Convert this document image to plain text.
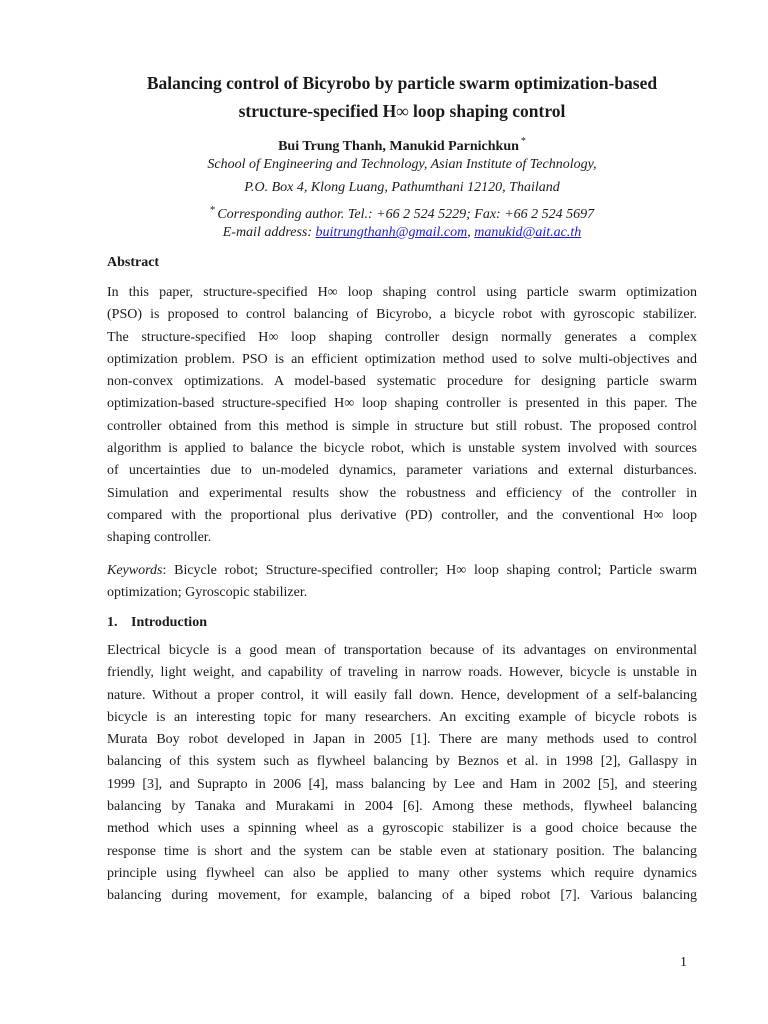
Balancing control of Bicyrobo by particle swarm optimization-based
structure-specified H∞ loop shaping control
Bui Trung Thanh, Manukid Parnichkun *
School of Engineering and Technology, Asian Institute of Technology,
P.O. Box 4, Klong Luang, Pathumthani 12120, Thailand
* Corresponding author. Tel.: +66 2 524 5229; Fax: +66 2 524 5697
E-mail address: buitrungthanh@gmail.com, manukid@ait.ac.th
Abstract
In this paper, structure-specified H∞ loop shaping control using particle swarm optimization
(PSO) is proposed to control balancing of Bicyrobo, a bicycle robot with gyroscopic stabilizer.
The structure-specified H∞ loop shaping controller design normally generates a complex
optimization problem. PSO is an efficient optimization method used to solve multi-objectives and
non-convex optimizations. A model-based systematic procedure for designing particle swarm
optimization-based structure-specified H∞ loop shaping controller is presented in this paper. The
controller obtained from this method is simple in structure but still robust. The proposed control
algorithm is applied to balance the bicycle robot, which is unstable system involved with sources
of uncertainties due to un-modeled dynamics, parameter variations and external disturbances.
Simulation and experimental results show the robustness and efficiency of the controller in
compared with the proportional plus derivative (PD) controller, and the conventional H∞ loop
shaping controller.
Keywords: Bicycle robot; Structure-specified controller; H∞ loop shaping control; Particle swarm
optimization; Gyroscopic stabilizer.
1. Introduction
Electrical bicycle is a good mean of transportation because of its advantages on environmental
friendly, light weight, and capability of traveling in narrow roads. However, bicycle is unstable in
nature. Without a proper control, it will easily fall down. Hence, development of a self-balancing
bicycle is an interesting topic for many researchers. An exciting example of bicycle robots is
Murata Boy robot developed in Japan in 2005 [1]. There are many methods used to control
balancing of this system such as flywheel balancing by Beznos et al. in 1998 [2], Gallaspy in
1999 [3], and Suprapto in 2006 [4], mass balancing by Lee and Ham in 2002 [5], and steering
balancing by Tanaka and Murakami in 2004 [6]. Among these methods, flywheel balancing
method which uses a spinning wheel as a gyroscopic stabilizer is a good choice because the
response time is short and the system can be stable even at stationary position. The balancing
principle using flywheel can also be applied to many other systems which require dynamics
balancing during movement, for example, balancing of a biped robot [7]. Various balancing
1
